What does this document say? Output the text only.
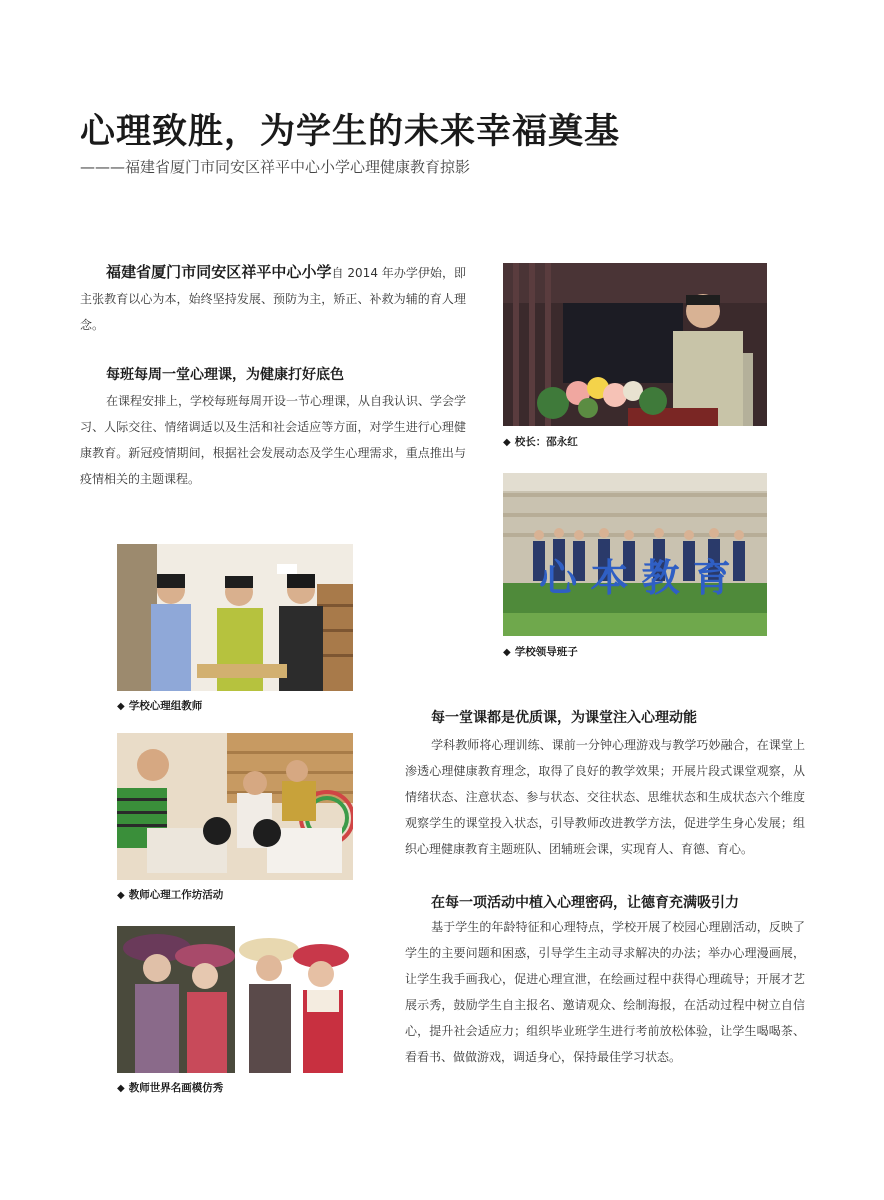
心理致胜，为学生的未来幸福奠基

———福建省厦门市同安区祥平中心小学心理健康教育掠影

福建省厦门市同安区祥平中心小学自 2014 年办学伊始，即主张教育以心为本，始终坚持发展、预防为主，矫正、补救为辅的育人理念。

每班每周一堂心理课，为健康打好底色

在课程安排上，学校每班每周开设一节心理课，从自我认识、学会学习、人际交往、情绪调适以及生活和社会适应等方面，对学生进行心理健康教育。新冠疫情期间，根据社会发展动态及学生心理需求，重点推出与疫情相关的主题课程。

◆ 校长：邵永红

心 本 教 育

◆ 学校领导班子

◆ 学校心理组教师

◆ 教师心理工作坊活动

◆ 教师世界名画模仿秀

每一堂课都是优质课，为课堂注入心理动能

学科教师将心理训练、课前一分钟心理游戏与教学巧妙融合，在课堂上渗透心理健康教育理念，取得了良好的教学效果；开展片段式课堂观察，从情绪状态、注意状态、参与状态、交往状态、思维状态和生成状态六个维度观察学生的课堂投入状态，引导教师改进教学方法，促进学生身心发展；组织心理健康教育主题班队、团辅班会课，实现育人、育德、育心。

在每一项活动中植入心理密码，让德育充满吸引力

基于学生的年龄特征和心理特点，学校开展了校园心理剧活动，反映了学生的主要问题和困惑，引导学生主动寻求解决的办法；举办心理漫画展，让学生我手画我心，促进心理宣泄，在绘画过程中获得心理疏导；开展才艺展示秀，鼓励学生自主报名、邀请观众、绘制海报，在活动过程中树立自信心，提升社会适应力；组织毕业班学生进行考前放松体验，让学生喝喝茶、看看书、做做游戏，调适身心，保持最佳学习状态。
